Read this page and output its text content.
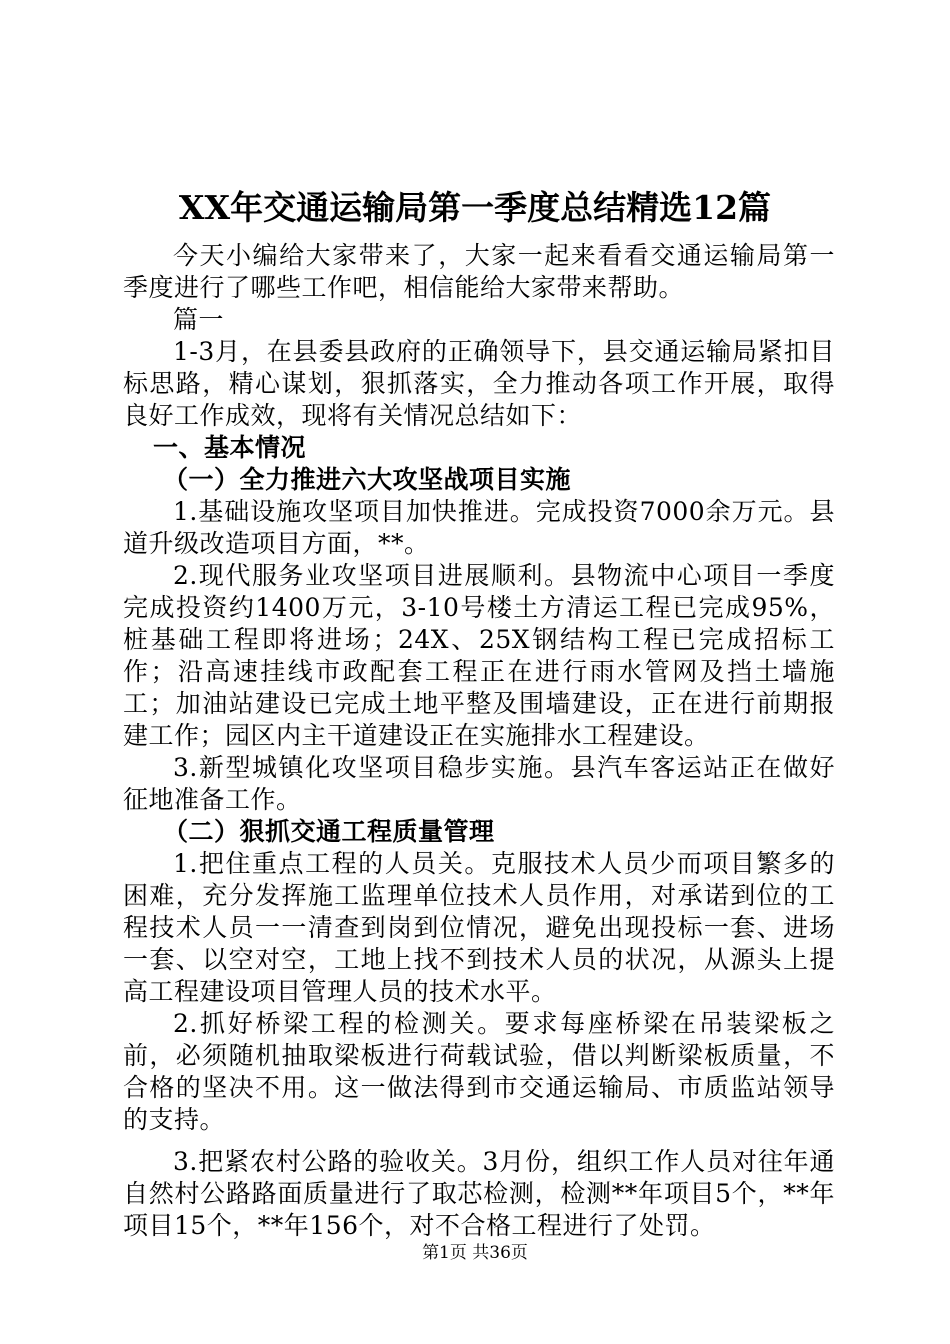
XX年交通运输局第一季度总结精选12篇

今天小编给大家带来了，大家一起来看看交通运输局第一季度进行了哪些工作吧，相信能给大家带来帮助。

篇一

1-3月，在县委县政府的正确领导下，县交通运输局紧扣目标思路，精心谋划，狠抓落实，全力推动各项工作开展，取得良好工作成效，现将有关情况总结如下：

一、基本情况

（一）全力推进六大攻坚战项目实施

1.基础设施攻坚项目加快推进。完成投资7000余万元。县道升级改造项目方面，**。

2.现代服务业攻坚项目进展顺利。县物流中心项目一季度完成投资约1400万元，3-10号楼土方清运工程已完成95%，桩基础工程即将进场；24X、25X钢结构工程已完成招标工作；沿高速挂线市政配套工程正在进行雨水管网及挡土墙施工；加油站建设已完成土地平整及围墙建设，正在进行前期报建工作；园区内主干道建设正在实施排水工程建设。

3.新型城镇化攻坚项目稳步实施。县汽车客运站正在做好征地准备工作。

（二）狠抓交通工程质量管理

1.把住重点工程的人员关。克服技术人员少而项目繁多的困难，充分发挥施工监理单位技术人员作用，对承诺到位的工程技术人员一一清查到岗到位情况，避免出现投标一套、进场一套、以空对空，工地上找不到技术人员的状况，从源头上提高工程建设项目管理人员的技术水平。

2.抓好桥梁工程的检测关。要求每座桥梁在吊装梁板之前，必须随机抽取梁板进行荷载试验，借以判断梁板质量，不合格的坚决不用。这一做法得到市交通运输局、市质监站领导的支持。

3.把紧农村公路的验收关。3月份，组织工作人员对往年通自然村公路路面质量进行了取芯检测，检测**年项目5个，**年项目15个，**年156个，对不合格工程进行了处罚。

第1页 共36页
